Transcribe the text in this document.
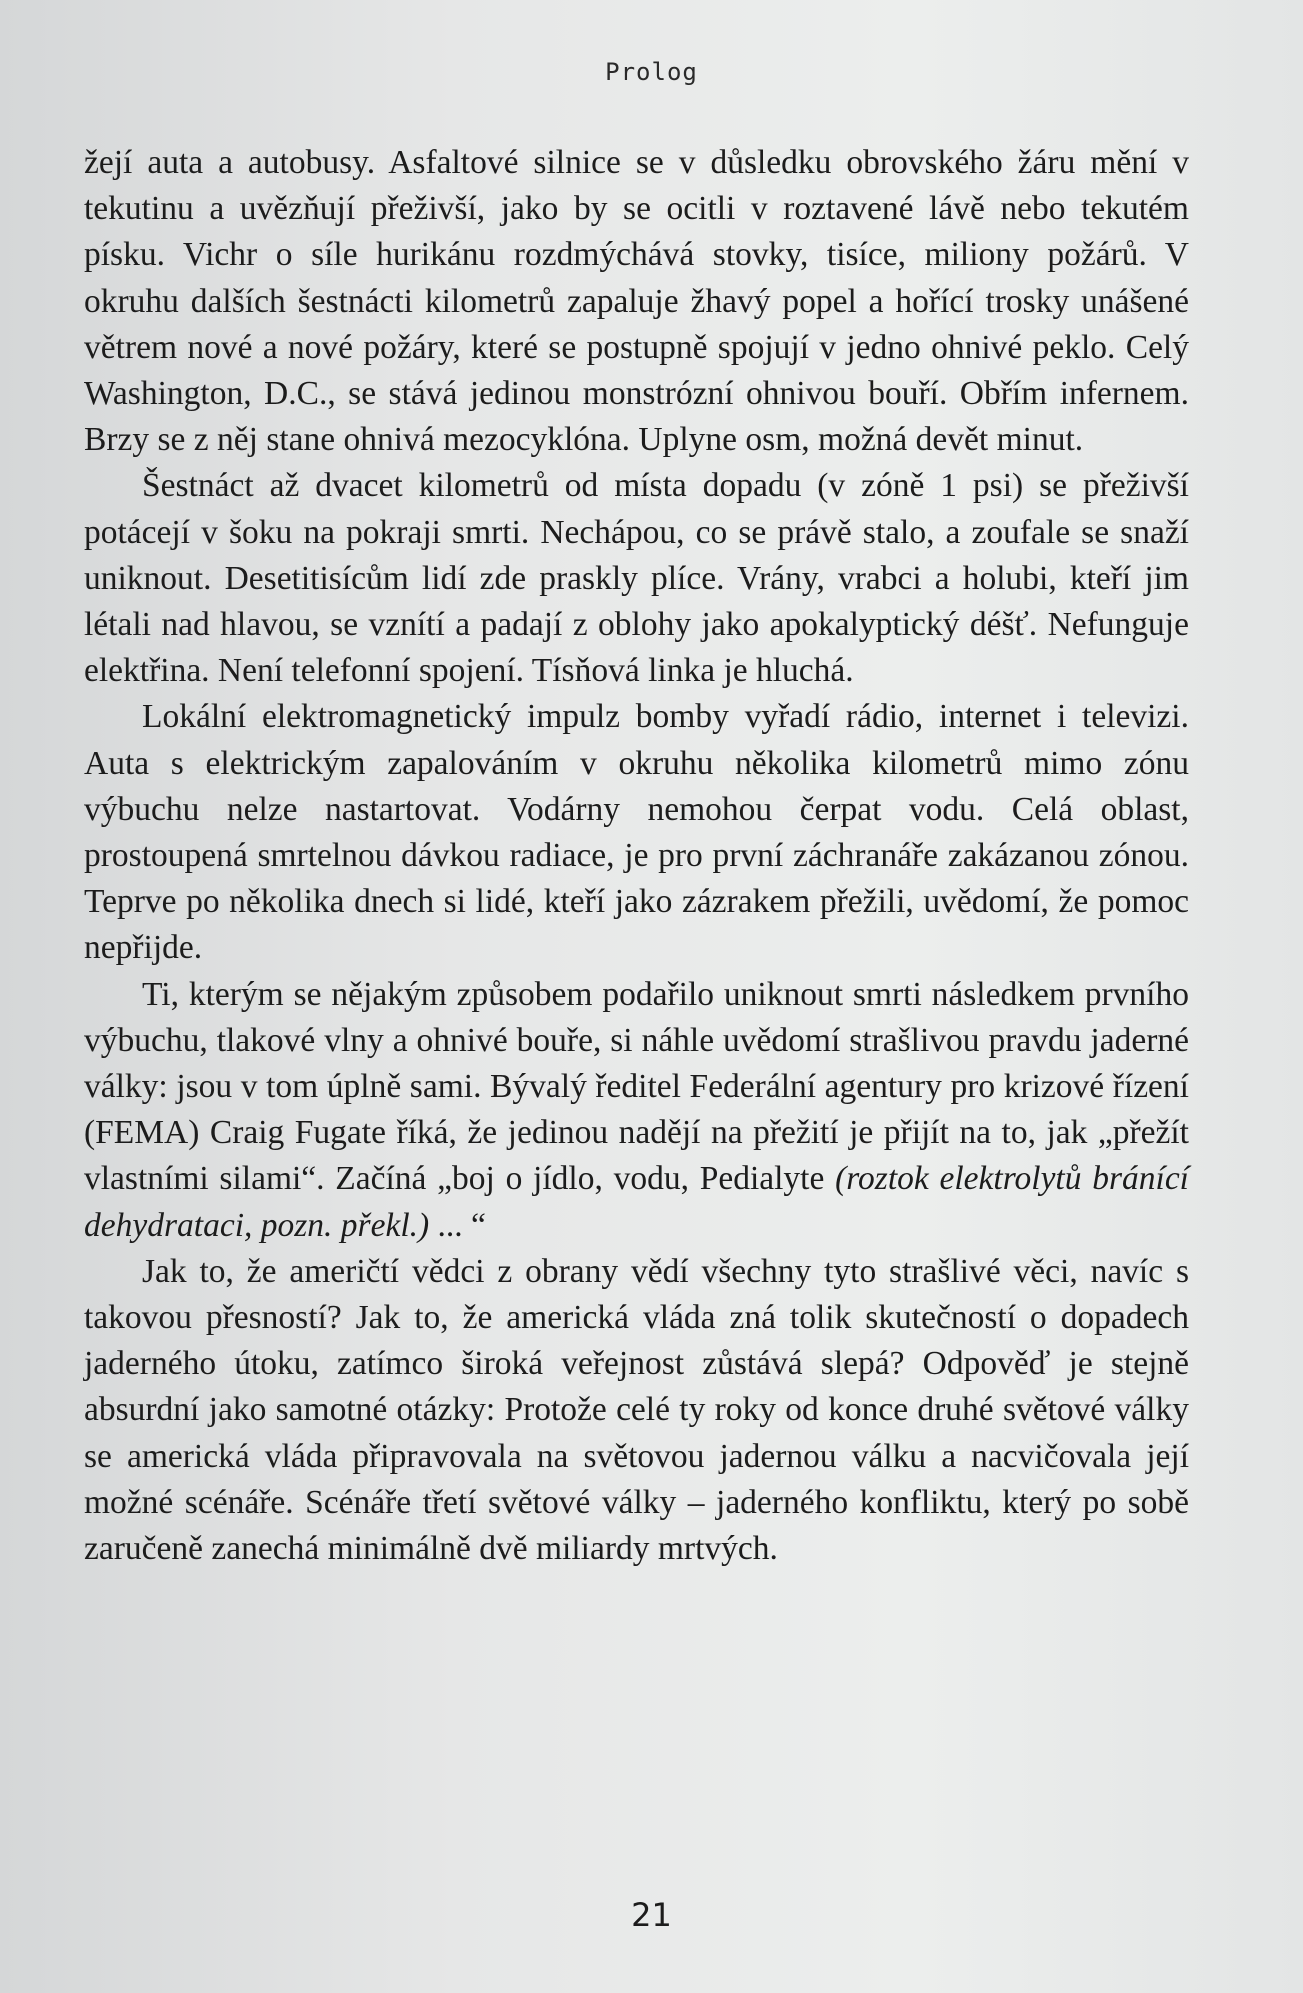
Prolog

žejí auta a autobusy. Asfaltové silnice se v důsledku obrovského žáru mění v tekutinu a uvězňují přeživší, jako by se ocitli v roztavené lávě nebo tekutém písku. Vichr o síle hurikánu rozdmýchává stovky, tisíce, miliony požárů. V okruhu dalších šestnácti kilometrů zapaluje žhavý popel a hořící trosky unášené větrem nové a nové požáry, které se postupně spojují v jedno ohnivé peklo. Celý Washington, D.C., se stává jedinou monstrózní ohnivou bouří. Obřím infernem. Brzy se z něj stane ohnivá mezocyklóna. Uplyne osm, možná devět minut.

Šestnáct až dvacet kilometrů od místa dopadu (v zóně 1 psi) se přeživší potácejí v šoku na pokraji smrti. Nechápou, co se právě stalo, a zoufale se snaží uniknout. Desetitisícům lidí zde praskly plíce. Vrány, vrabci a holubi, kteří jim létali nad hlavou, se vznítí a padají z oblohy jako apokalyptický déšť. Nefunguje elektřina. Není telefonní spojení. Tísňová linka je hluchá.

Lokální elektromagnetický impulz bomby vyřadí rádio, internet i televizi. Auta s elektrickým zapalováním v okruhu několika kilometrů mimo zónu výbuchu nelze nastartovat. Vodárny nemohou čerpat vodu. Celá oblast, prostoupená smrtelnou dávkou radiace, je pro první záchranáře zakázanou zónou. Teprve po několika dnech si lidé, kteří jako zázrakem přežili, uvědomí, že pomoc nepřijde.

Ti, kterým se nějakým způsobem podařilo uniknout smrti následkem prvního výbuchu, tlakové vlny a ohnivé bouře, si náhle uvědomí strašlivou pravdu jaderné války: jsou v tom úplně sami. Bývalý ředitel Federální agentury pro krizové řízení (FEMA) Craig Fugate říká, že jedinou nadějí na přežití je přijít na to, jak „přežít vlastními silami“. Začíná „boj o jídlo, vodu, Pedialyte (roztok elektrolytů bránící dehydrataci, pozn. překl.) ... “

Jak to, že američtí vědci z obrany vědí všechny tyto strašlivé věci, navíc s takovou přesností? Jak to, že americká vláda zná tolik skutečností o dopadech jaderného útoku, zatímco široká veřejnost zůstává slepá? Odpověď je stejně absurdní jako samotné otázky: Protože celé ty roky od konce druhé světové války se americká vláda připravovala na světovou jadernou válku a nacvičovala její možné scénáře. Scénáře třetí světové války – jaderného konfliktu, který po sobě zaručeně zanechá minimálně dvě miliardy mrtvých.

21
